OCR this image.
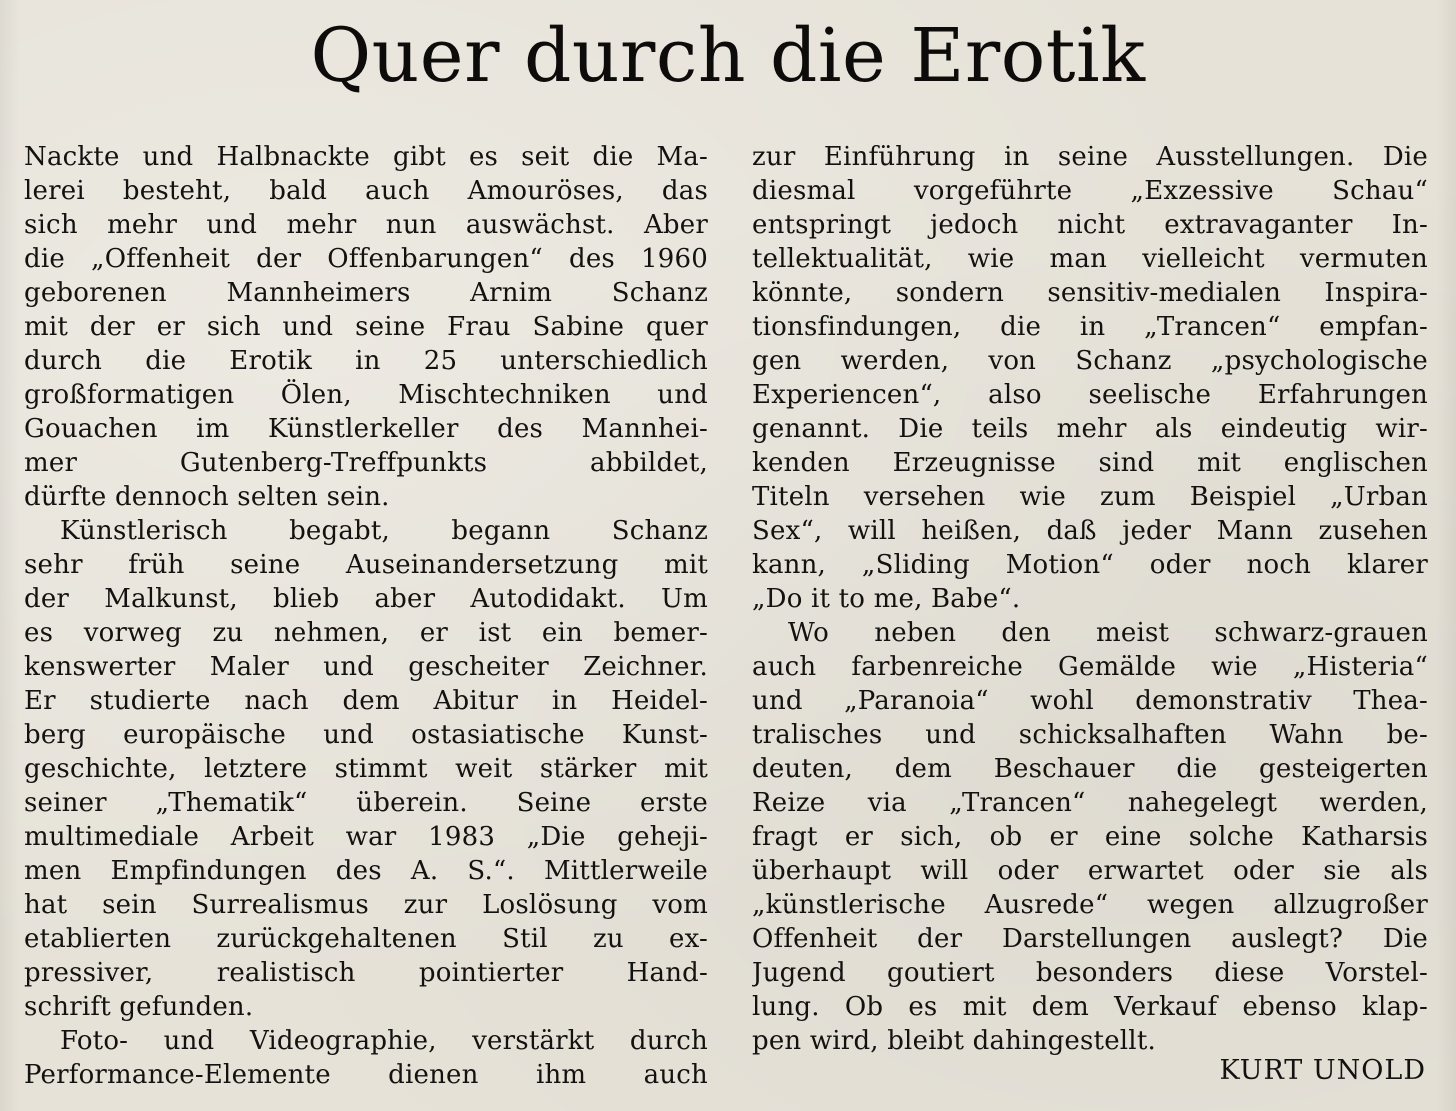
Quer durch die Erotik
Nackte und Halbnackte gibt es seit die Ma-
lerei besteht, bald auch Amouröses, das
sich mehr und mehr nun auswächst. Aber
die „Offenheit der Offenbarungen“ des 1960
geborenen Mannheimers Arnim Schanz
mit der er sich und seine Frau Sabine quer
durch die Erotik in 25 unterschiedlich
großformatigen Ölen, Mischtechniken und
Gouachen im Künstlerkeller des Mannhei-
mer Gutenberg-Treffpunkts abbildet,
dürfte dennoch selten sein.
Künstlerisch begabt, begann Schanz
sehr früh seine Auseinandersetzung mit
der Malkunst, blieb aber Autodidakt. Um
es vorweg zu nehmen, er ist ein bemer-
kenswerter Maler und gescheiter Zeichner.
Er studierte nach dem Abitur in Heidel-
berg europäische und ostasiatische Kunst-
geschichte, letztere stimmt weit stärker mit
seiner „Thematik“ überein. Seine erste
multimediale Arbeit war 1983 „Die geheji-
men Empfindungen des A. S.“. Mittlerweile
hat sein Surrealismus zur Loslösung vom
etablierten zurückgehaltenen Stil zu ex-
pressiver, realistisch pointierter Hand-
schrift gefunden.
Foto- und Videographie, verstärkt durch
Performance-Elemente dienen ihm auch
zur Einführung in seine Ausstellungen. Die
diesmal vorgeführte „Exzessive Schau“
entspringt jedoch nicht extravaganter In-
tellektualität, wie man vielleicht vermuten
könnte, sondern sensitiv-medialen Inspira-
tionsfindungen, die in „Trancen“ empfan-
gen werden, von Schanz „psychologische
Experiencen“, also seelische Erfahrungen
genannt. Die teils mehr als eindeutig wir-
kenden Erzeugnisse sind mit englischen
Titeln versehen wie zum Beispiel „Urban
Sex“, will heißen, daß jeder Mann zusehen
kann, „Sliding Motion“ oder noch klarer
„Do it to me, Babe“.
Wo neben den meist schwarz-grauen
auch farbenreiche Gemälde wie „Histeria“
und „Paranoia“ wohl demonstrativ Thea-
tralisches und schicksalhaften Wahn be-
deuten, dem Beschauer die gesteigerten
Reize via „Trancen“ nahegelegt werden,
fragt er sich, ob er eine solche Katharsis
überhaupt will oder erwartet oder sie als
„künstlerische Ausrede“ wegen allzugroßer
Offenheit der Darstellungen auslegt? Die
Jugend goutiert besonders diese Vorstel-
lung. Ob es mit dem Verkauf ebenso klap-
pen wird, bleibt dahingestellt.
KURT UNOLD
